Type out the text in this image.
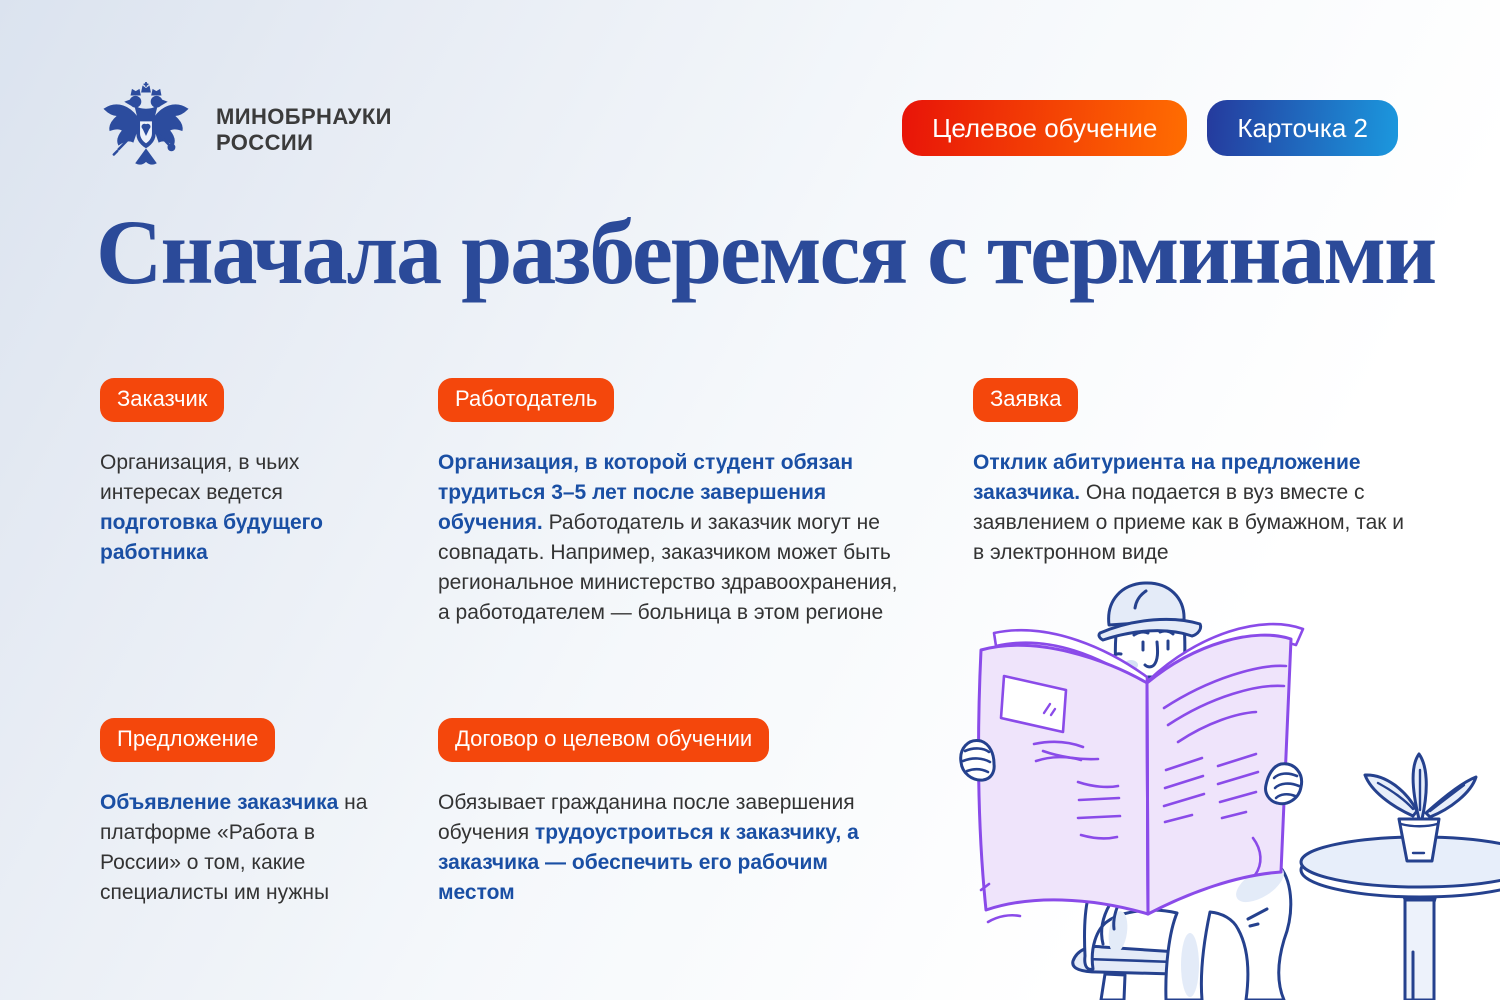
МИНОБРНАУКИ
РОССИИ	Целевое обучение	Карточка 2
Сначала разберемся с терминами
Заказчик

Организация, в чьих интересах ведется подготовка будущего работника

Работодатель

Организация, в которой студент обязан трудиться 3–5 лет после завершения обучения. Работодатель и заказчик могут не совпадать. Например, заказчиком может быть региональное министерство здравоохранения, а работодателем — больница в этом регионе

Заявка

Отклик абитуриента на предложение заказчика. Она подается в вуз вместе с заявлением о приеме как в бумажном, так и в электронном виде

Предложение

Объявление заказчика на платформе «Работа в России» о том, какие специалисты им нужны

Договор о целевом обучении

Обязывает гражданина после завершения обучения трудоустроиться к заказчику, а заказчика — обеспечить его рабочим местом
